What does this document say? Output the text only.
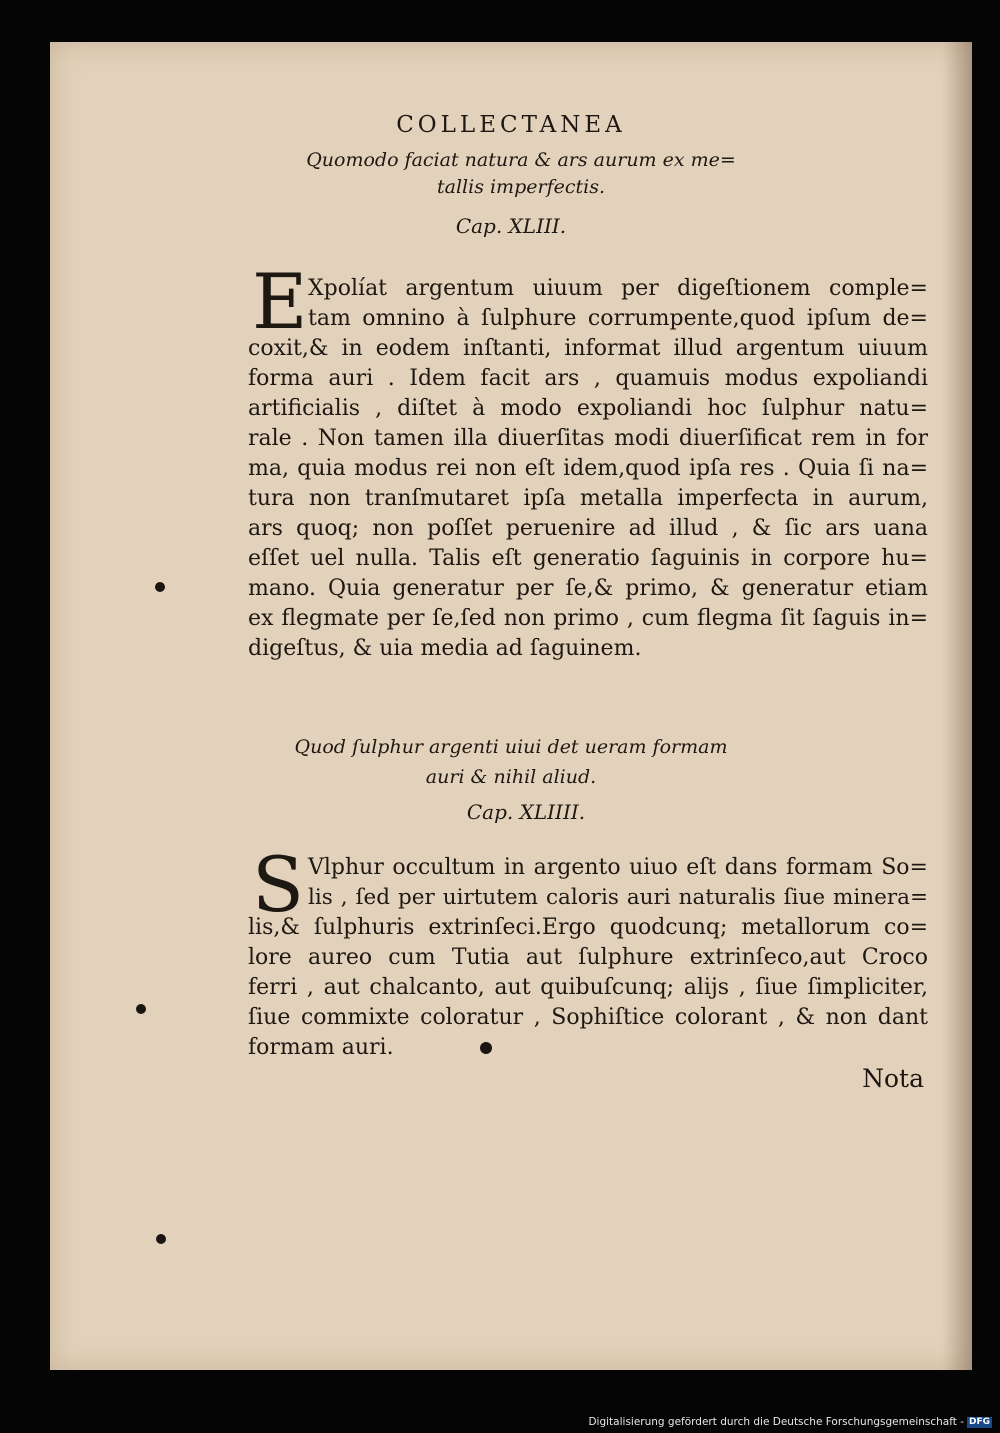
COLLECTANEA
Quomodo faciat natura & ars aurum ex me=
tallis imperfectis.
Cap. XLIII.
E Xpolíat argentum uiuum per digeſtionem comple=
tam omnino à ſulphure corrumpente,quod ipſum de=
coxit,& in eodem inſtanti, informat illud argentum uiuum
forma auri . Idem facit ars , quamuis modus expoliandi
artificialis , diſtet à modo expoliandi hoc ſulphur natu=
rale . Non tamen illa diuerſitas modi diuerſificat rem in for
ma, quia modus rei non eſt idem,quod ipſa res . Quia ſi na=
tura non tranſmutaret ipſa metalla imperfecta in aurum,
ars quoq; non poſſet peruenire ad illud , & ſic ars uana
eſſet uel nulla. Talis eſt generatio ſaguinis in corpore hu=
mano. Quia generatur per ſe,& primo, & generatur etiam
ex flegmate per ſe,ſed non primo , cum flegma ſit ſaguis in=
digeſtus, & uia media ad ſaguinem.
Quod ſulphur argenti uiui det ueram formam
auri & nihil aliud.
Cap. XLIIII.
S Vlphur occultum in argento uiuo eſt dans formam So=
lis , ſed per uirtutem caloris auri naturalis ſiue minera=
lis,& ſulphuris extrinſeci.Ergo quodcunq; metallorum co=
lore aureo cum Tutia aut ſulphure extrinſeco,aut Croco
ferri , aut chalcanto, aut quibuſcunq; alijs , ſiue ſimpliciter,
ſiue commixte coloratur , Sophiſtice colorant , & non dant
formam auri.
Nota
Digitalisierung gefördert durch die Deutsche Forschungsgemeinschaft - DFG
